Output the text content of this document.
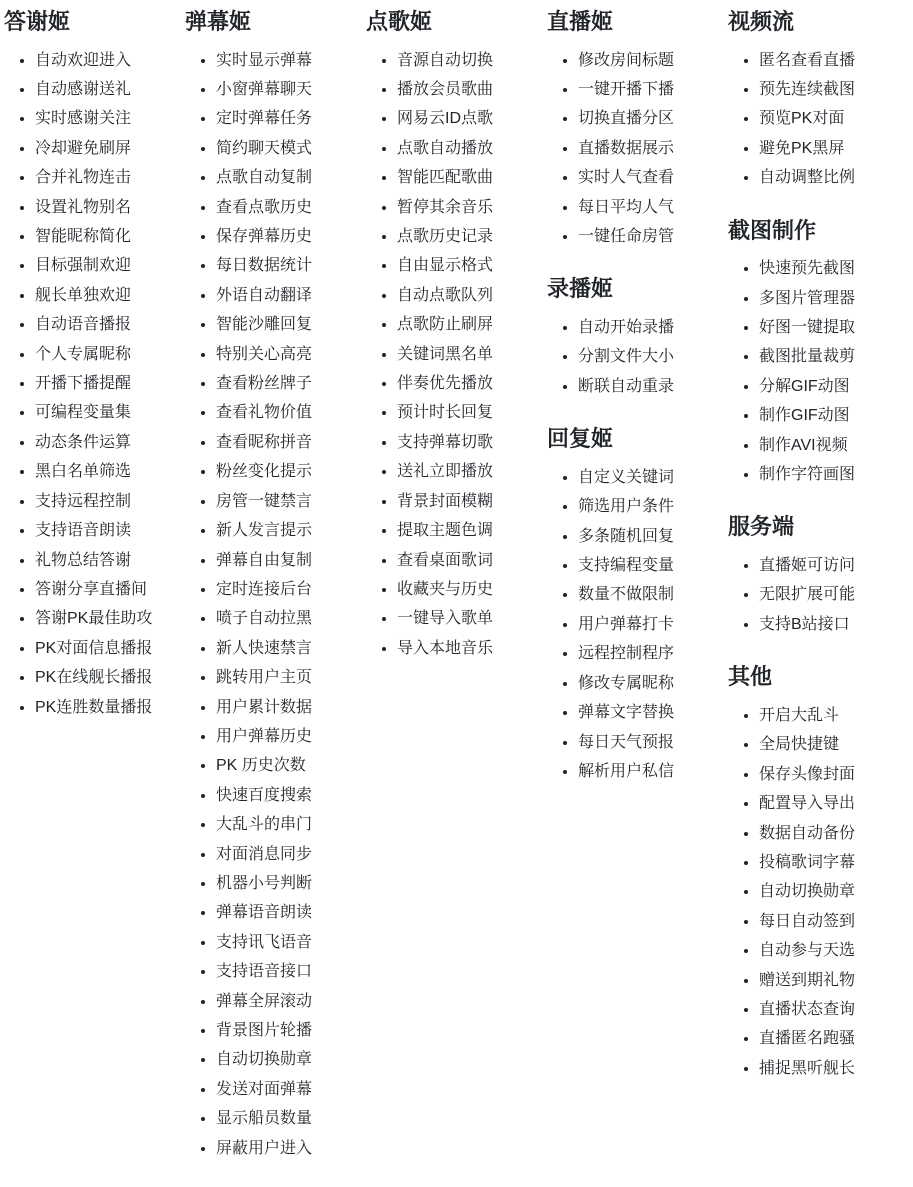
答谢姬
• 自动欢迎进入
• 自动感谢送礼
• 实时感谢关注
• 冷却避免刷屏
• 合并礼物连击
• 设置礼物别名
• 智能昵称简化
• 目标强制欢迎
• 舰长单独欢迎
• 自动语音播报
• 个人专属昵称
• 开播下播提醒
• 可编程变量集
• 动态条件运算
• 黑白名单筛选
• 支持远程控制
• 支持语音朗读
• 礼物总结答谢
• 答谢分享直播间
• 答谢PK最佳助攻
• PK对面信息播报
• PK在线舰长播报
• PK连胜数量播报
弹幕姬
• 实时显示弹幕
• 小窗弹幕聊天
• 定时弹幕任务
• 简约聊天模式
• 点歌自动复制
• 查看点歌历史
• 保存弹幕历史
• 每日数据统计
• 外语自动翻译
• 智能沙雕回复
• 特别关心高亮
• 查看粉丝牌子
• 查看礼物价值
• 查看昵称拼音
• 粉丝变化提示
• 房管一键禁言
• 新人发言提示
• 弹幕自由复制
• 定时连接后台
• 喷子自动拉黑
• 新人快速禁言
• 跳转用户主页
• 用户累计数据
• 用户弹幕历史
• PK 历史次数
• 快速百度搜索
• 大乱斗的串门
• 对面消息同步
• 机器小号判断
• 弹幕语音朗读
• 支持讯飞语音
• 支持语音接口
• 弹幕全屏滚动
• 背景图片轮播
• 自动切换勋章
• 发送对面弹幕
• 显示船员数量
• 屏蔽用户进入
点歌姬
• 音源自动切换
• 播放会员歌曲
• 网易云ID点歌
• 点歌自动播放
• 智能匹配歌曲
• 暂停其余音乐
• 点歌历史记录
• 自由显示格式
• 自动点歌队列
• 点歌防止刷屏
• 关键词黑名单
• 伴奏优先播放
• 预计时长回复
• 支持弹幕切歌
• 送礼立即播放
• 背景封面模糊
• 提取主题色调
• 查看桌面歌词
• 收藏夹与历史
• 一键导入歌单
• 导入本地音乐
直播姬
• 修改房间标题
• 一键开播下播
• 切换直播分区
• 直播数据展示
• 实时人气查看
• 每日平均人气
• 一键任命房管
录播姬
• 自动开始录播
• 分割文件大小
• 断联自动重录
回复姬
• 自定义关键词
• 筛选用户条件
• 多条随机回复
• 支持编程变量
• 数量不做限制
• 用户弹幕打卡
• 远程控制程序
• 修改专属昵称
• 弹幕文字替换
• 每日天气预报
• 解析用户私信
视频流
• 匿名查看直播
• 预先连续截图
• 预览PK对面
• 避免PK黑屏
• 自动调整比例
截图制作
• 快速预先截图
• 多图片管理器
• 好图一键提取
• 截图批量裁剪
• 分解GIF动图
• 制作GIF动图
• 制作AVI视频
• 制作字符画图
服务端
• 直播姬可访问
• 无限扩展可能
• 支持B站接口
其他
• 开启大乱斗
• 全局快捷键
• 保存头像封面
• 配置导入导出
• 数据自动备份
• 投稿歌词字幕
• 自动切换勋章
• 每日自动签到
• 自动参与天选
• 赠送到期礼物
• 直播状态查询
• 直播匿名跑骚
• 捕捉黑听舰长
